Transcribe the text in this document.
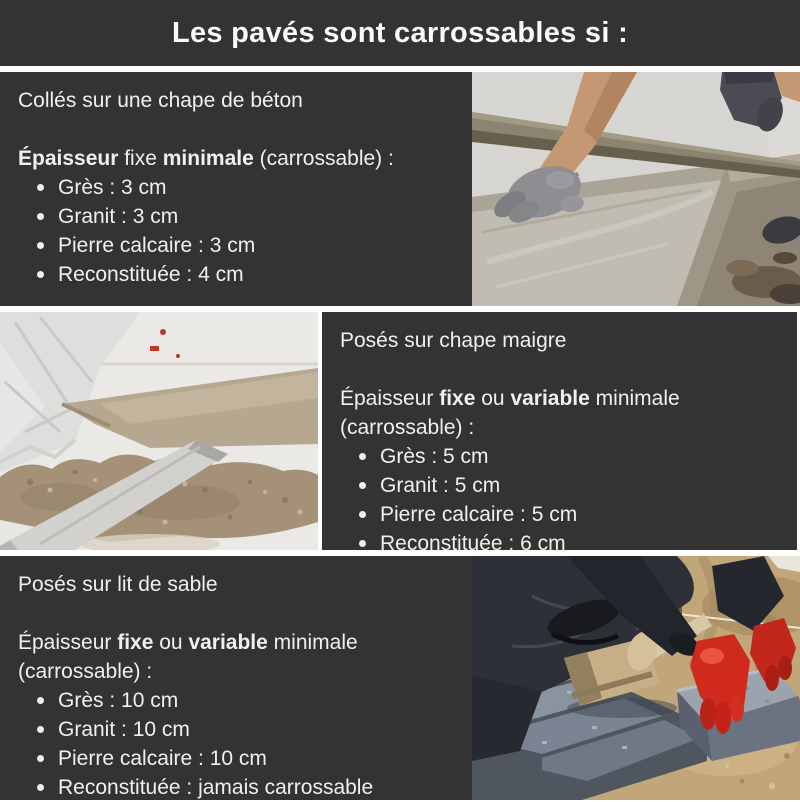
Les pavés sont carrossables si :

Collés sur une chape de béton

Épaisseur fixe minimale (carrossable) :

Grès : 3 cm
Granit : 3 cm
Pierre calcaire : 3 cm
Reconstituée : 4 cm

Posés sur chape maigre

Épaisseur fixe ou variable minimale (carrossable) :

Grès : 5 cm
Granit : 5 cm
Pierre calcaire : 5 cm
Reconstituée : 6 cm

Posés sur lit de sable

Épaisseur fixe ou variable minimale (carrossable) :

Grès : 10 cm
Granit : 10 cm
Pierre calcaire : 10 cm
Reconstituée : jamais carrossable
